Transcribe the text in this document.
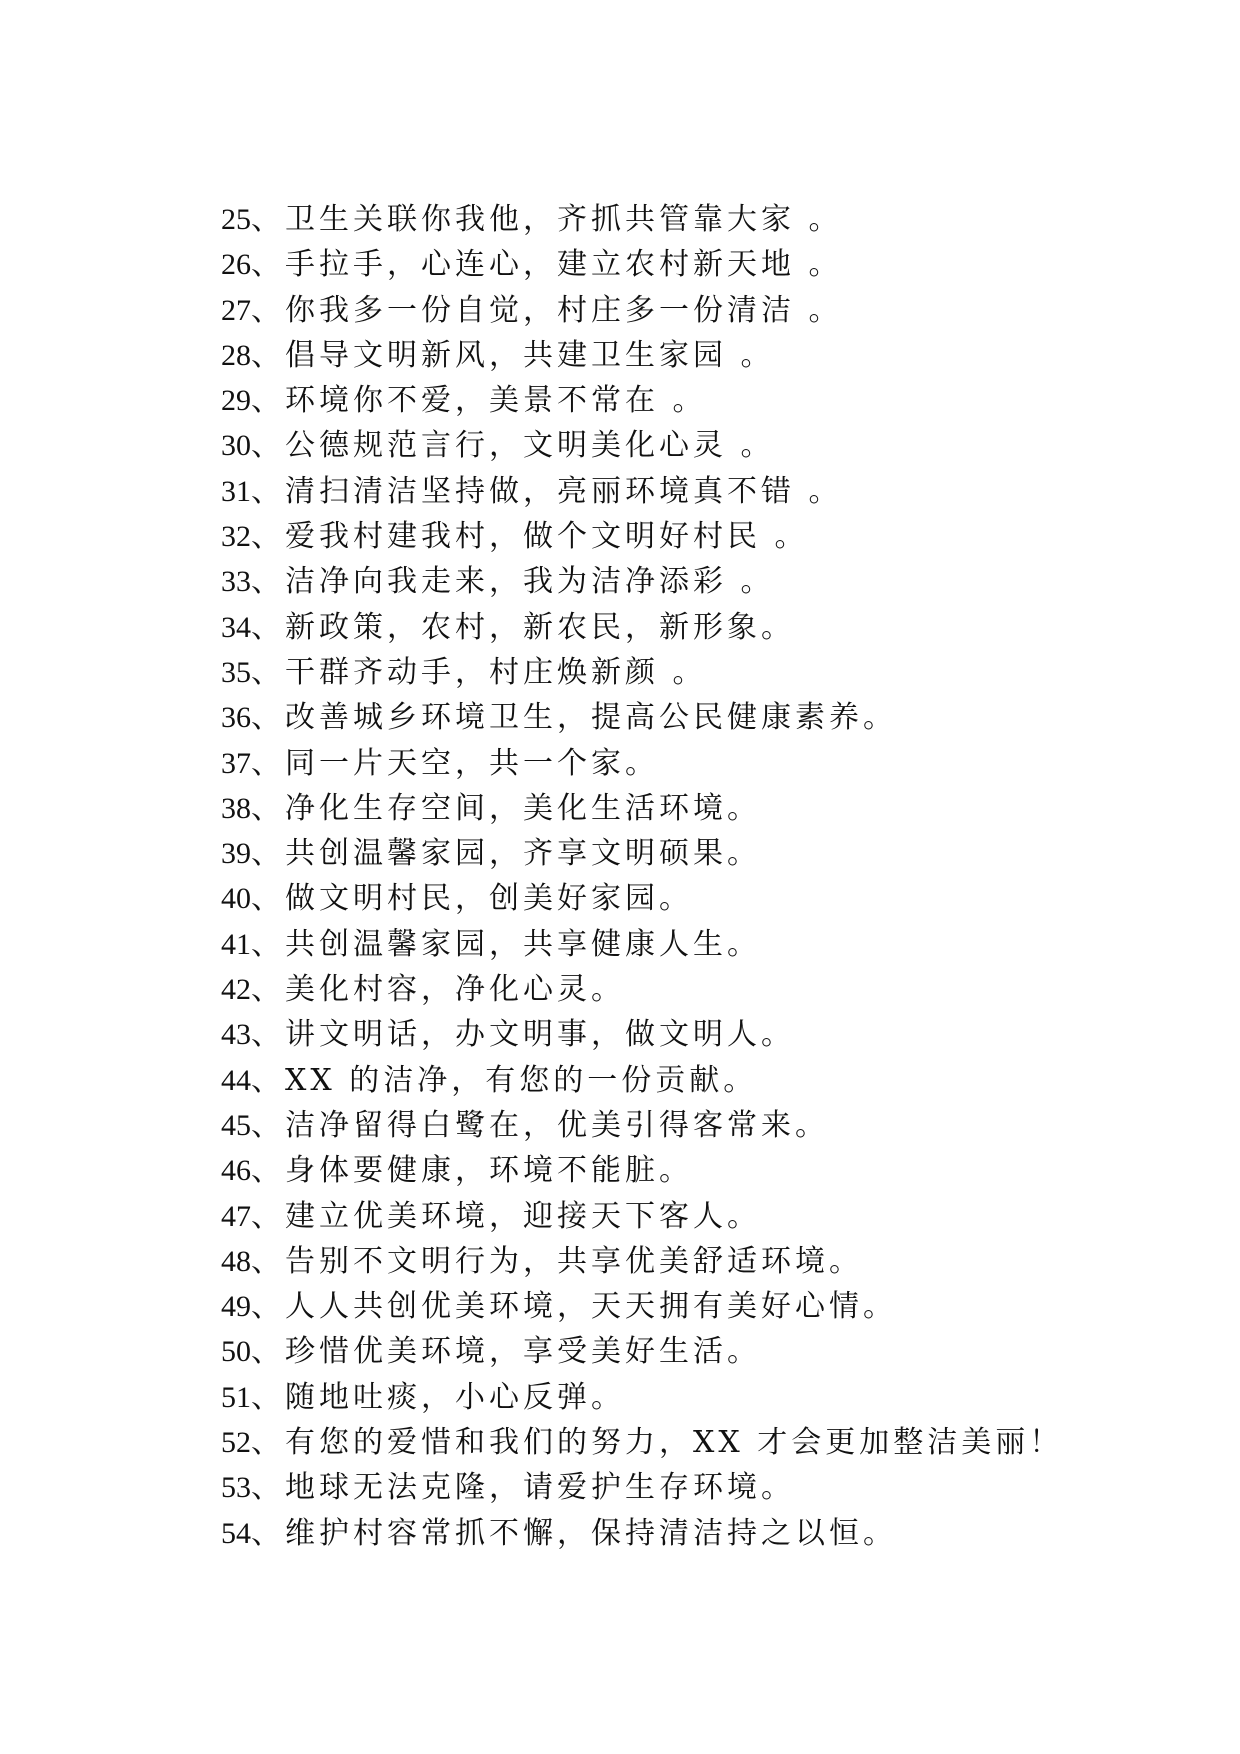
25、卫生关联你我他，齐抓共管靠大家 。
26、手拉手，心连心，建立农村新天地 。
27、你我多一份自觉，村庄多一份清洁 。
28、倡导文明新风，共建卫生家园 。
29、环境你不爱，美景不常在 。
30、公德规范言行，文明美化心灵 。
31、清扫清洁坚持做，亮丽环境真不错 。
32、爱我村建我村，做个文明好村民 。
33、洁净向我走来，我为洁净添彩 。
34、新政策，农村，新农民，新形象。
35、干群齐动手，村庄焕新颜 。
36、改善城乡环境卫生，提高公民健康素养。
37、同一片天空，共一个家。
38、净化生存空间，美化生活环境。
39、共创温馨家园，齐享文明硕果。
40、做文明村民，创美好家园。
41、共创温馨家园，共享健康人生。
42、美化村容，净化心灵。
43、讲文明话，办文明事，做文明人。
44、XX 的洁净，有您的一份贡献。
45、洁净留得白鹭在，优美引得客常来。
46、身体要健康，环境不能脏。
47、建立优美环境，迎接天下客人。
48、告别不文明行为，共享优美舒适环境。
49、人人共创优美环境，天天拥有美好心情。
50、珍惜优美环境，享受美好生活。
51、随地吐痰，小心反弹。
52、有您的爱惜和我们的努力，XX 才会更加整洁美丽！
53、地球无法克隆，请爱护生存环境。
54、维护村容常抓不懈，保持清洁持之以恒。
